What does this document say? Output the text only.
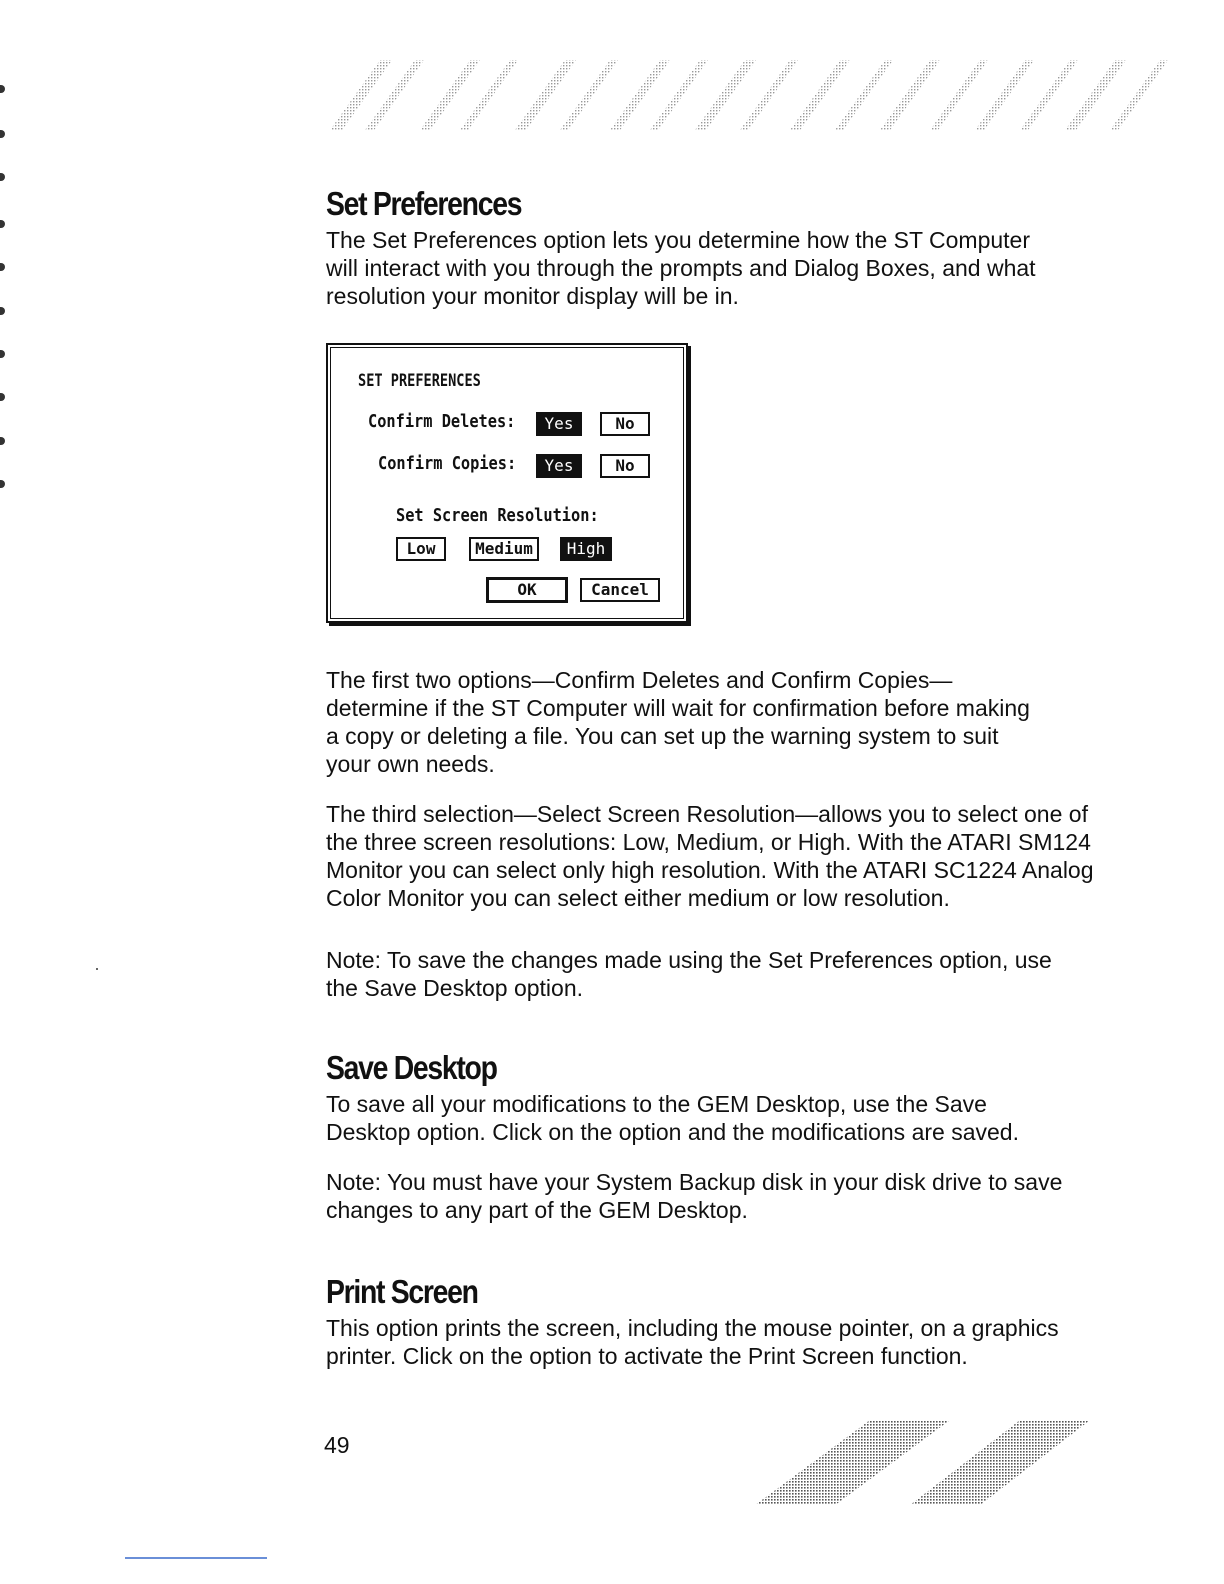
Set Preferences

The Set Preferences option lets you determine how the ST Computer will interact with you through the prompts and Dialog Boxes, and what resolution your monitor display will be in.

SET PREFERENCES
Confirm Deletes:	Yes	No
Confirm Copies:	Yes	No
Set Screen Resolution:
Low	Medium	High
OK	Cancel

The first two options—Confirm Deletes and Confirm Copies—determine if the ST Computer will wait for confirmation before making a copy or deleting a file. You can set up the warning system to suit your own needs.

The third selection—Select Screen Resolution—allows you to select one of the three screen resolutions: Low, Medium, or High. With the ATARI SM124 Monitor you can select only high resolution. With the ATARI SC1224 Analog Color Monitor you can select either medium or low resolution.

Note: To save the changes made using the Set Preferences option, use the Save Desktop option.

Save Desktop

To save all your modifications to the GEM Desktop, use the Save Desktop option. Click on the option and the modifications are saved.

Note: You must have your System Backup disk in your disk drive to save changes to any part of the GEM Desktop.

Print Screen

This option prints the screen, including the mouse pointer, on a graphics printer. Click on the option to activate the Print Screen function.

49
